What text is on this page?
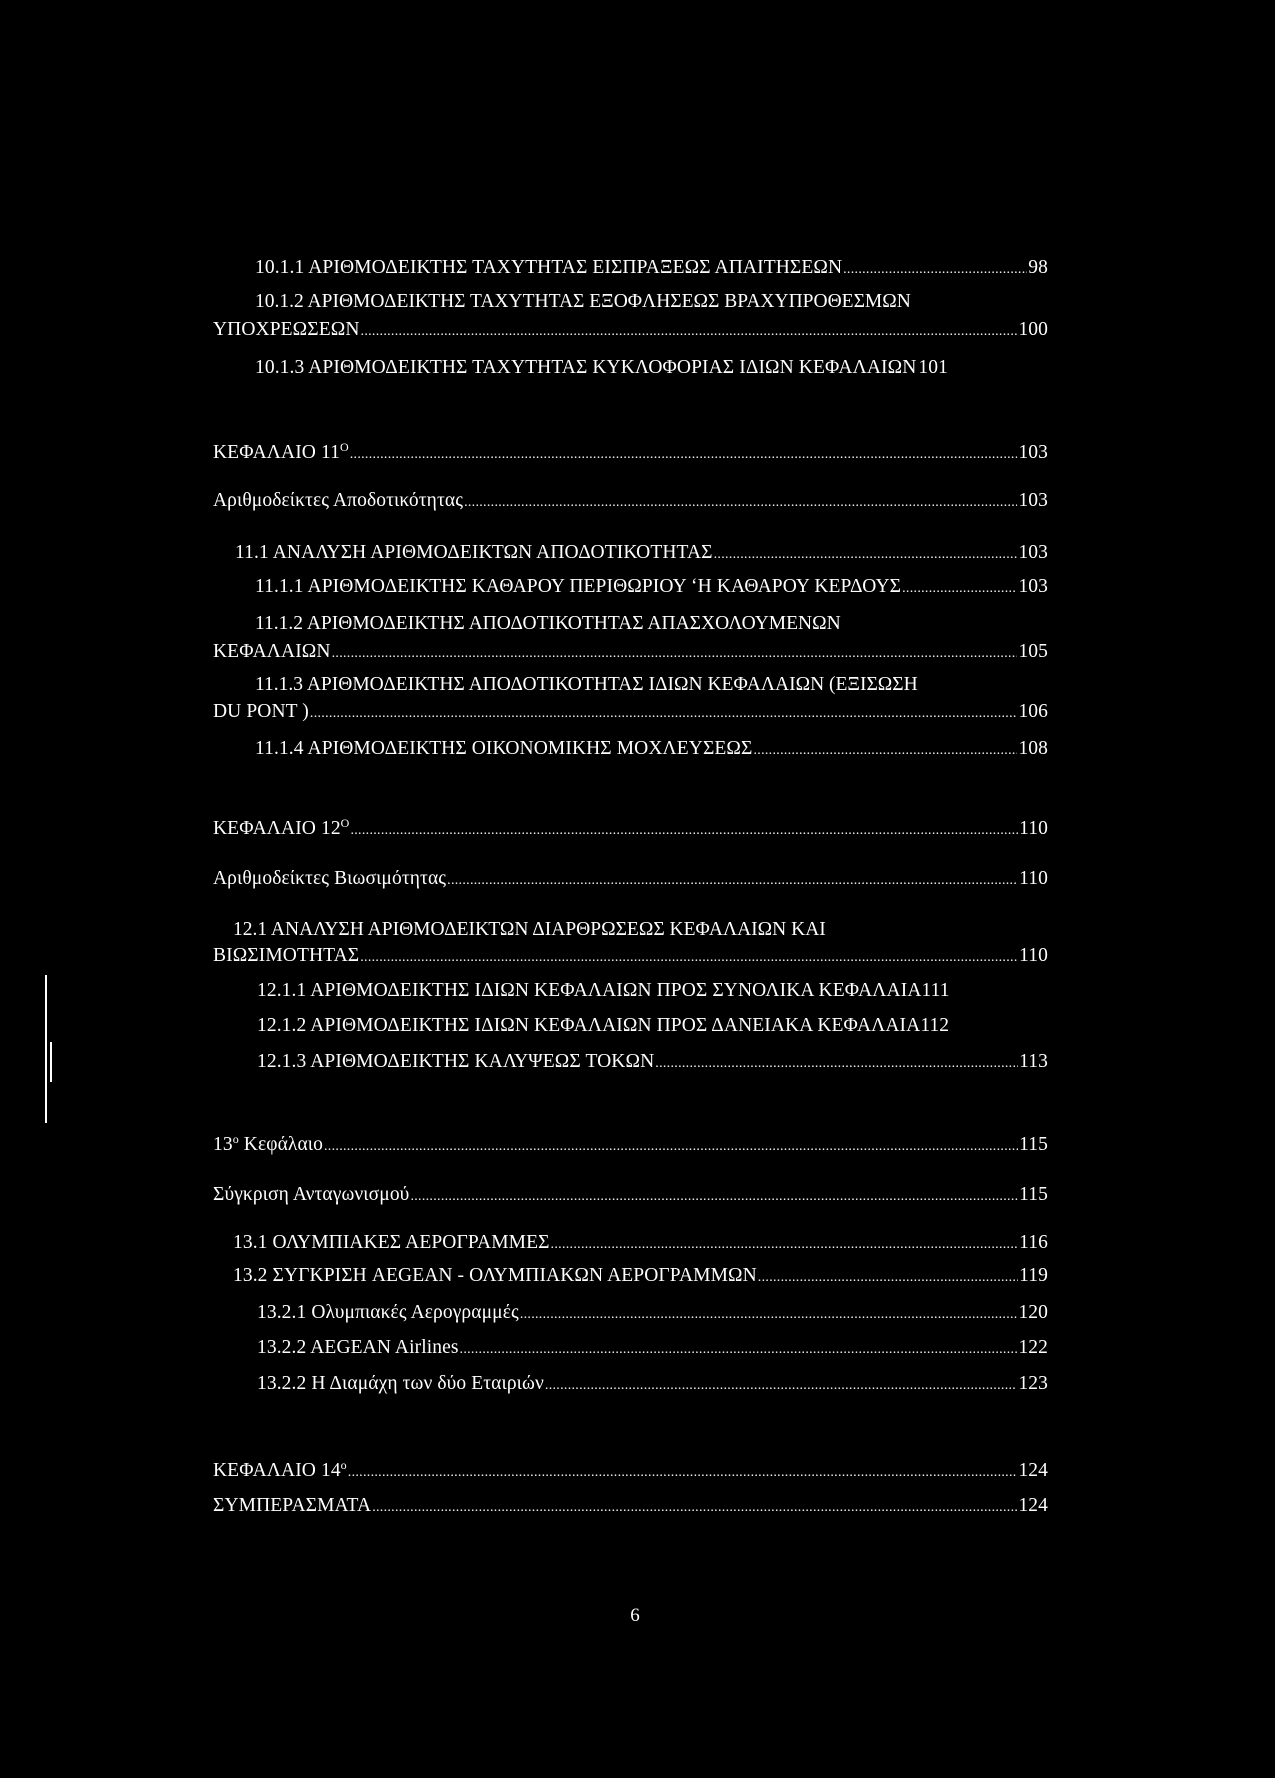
10.1.1 ΑΡΙΘΜΟΔΕΙΚΤΗΣ ΤΑΧΥΤΗΤΑΣ ΕΙΣΠΡΑΞΕΩΣ ΑΠΑΙΤΗΣΕΩΝ .....	98
10.1.2 ΑΡΙΘΜΟΔΕΙΚΤΗΣ ΤΑΧΥΤΗΤΑΣ ΕΞΟΦΛΗΣΕΩΣ ΒΡΑΧΥΠΡΟΘΕΣΜΩΝ
ΥΠΟΧΡΕΩΣΕΩΝ .....	100
10.1.3 ΑΡΙΘΜΟΔΕΙΚΤΗΣ ΤΑΧΥΤΗΤΑΣ ΚΥΚΛΟΦΟΡΙΑΣ ΙΔΙΩΝ ΚΕΦΑΛΑΙΩΝ 101
ΚΕΦΑΛΑΙΟ $11^O$ .....	103
Αριθμοδείκτες Αποδοτικότητας .....	103
11.1 ΑΝΑΛΥΣΗ ΑΡΙΘΜΟΔΕΙΚΤΩΝ ΑΠΟΔΟΤΙΚΟΤΗΤΑΣ .....	103
11.1.1 ΑΡΙΘΜΟΔΕΙΚΤΗΣ ΚΑΘΑΡΟΥ ΠΕΡΙΘΩΡΙΟΥ ‘Η ΚΑΘΑΡΟΥ ΚΕΡΔΟΥΣ .....	103
11.1.2 ΑΡΙΘΜΟΔΕΙΚΤΗΣ ΑΠΟΔΟΤΙΚΟΤΗΤΑΣ ΑΠΑΣΧΟΛΟΥΜΕΝΩΝ
ΚΕΦΑΛΑΙΩΝ .....	105
11.1.3 ΑΡΙΘΜΟΔΕΙΚΤΗΣ ΑΠΟΔΟΤΙΚΟΤΗΤΑΣ ΙΔΙΩΝ ΚΕΦΑΛΑΙΩΝ (ΕΞΙΣΩΣΗ
DU PONT ) .....	106
11.1.4 ΑΡΙΘΜΟΔΕΙΚΤΗΣ ΟΙΚΟΝΟΜΙΚΗΣ ΜΟΧΛΕΥΣΕΩΣ .....	108
ΚΕΦΑΛΑΙΟ $12^O$ .....	110
Αριθμοδείκτες Βιωσιμότητας .....	110
12.1 ΑΝΑΛΥΣΗ ΑΡΙΘΜΟΔΕΙΚΤΩΝ ΔΙΑΡΘΡΩΣΕΩΣ ΚΕΦΑΛΑΙΩΝ ΚΑΙ
ΒΙΩΣΙΜΟΤΗΤΑΣ .....	110
12.1.1 ΑΡΙΘΜΟΔΕΙΚΤΗΣ ΙΔΙΩΝ ΚΕΦΑΛΑΙΩΝ ΠΡΟΣ ΣΥΝΟΛΙΚΑ ΚΕΦΑΛΑΙΑ 111
12.1.2 ΑΡΙΘΜΟΔΕΙΚΤΗΣ ΙΔΙΩΝ ΚΕΦΑΛΑΙΩΝ ΠΡΟΣ ΔΑΝΕΙΑΚΑ ΚΕΦΑΛΑΙΑ 112
12.1.3 ΑΡΙΘΜΟΔΕΙΚΤΗΣ ΚΑΛΥΨΕΩΣ ΤΟΚΩΝ .....	113
$13^o$ Κεφάλαιο .....	115
Σύγκριση Ανταγωνισμού .....	115
13.1 ΟΛΥΜΠΙΑΚΕΣ ΑΕΡΟΓΡΑΜΜΕΣ .....	116
13.2 ΣΥΓΚΡΙΣΗ AEGEAN - ΟΛΥΜΠΙΑΚΩΝ ΑΕΡΟΓΡΑΜΜΩΝ .....	119
13.2.1 Ολυμπιακές Αερογραμμές .....	120
13.2.2 AEGEAN Airlines .....	122
13.2.2 Η Διαμάχη των δύο Εταιριών .....	123
ΚΕΦΑΛΑΙΟ $14^o$ .....	124
ΣΥΜΠΕΡΑΣΜΑΤΑ .....	124
6
